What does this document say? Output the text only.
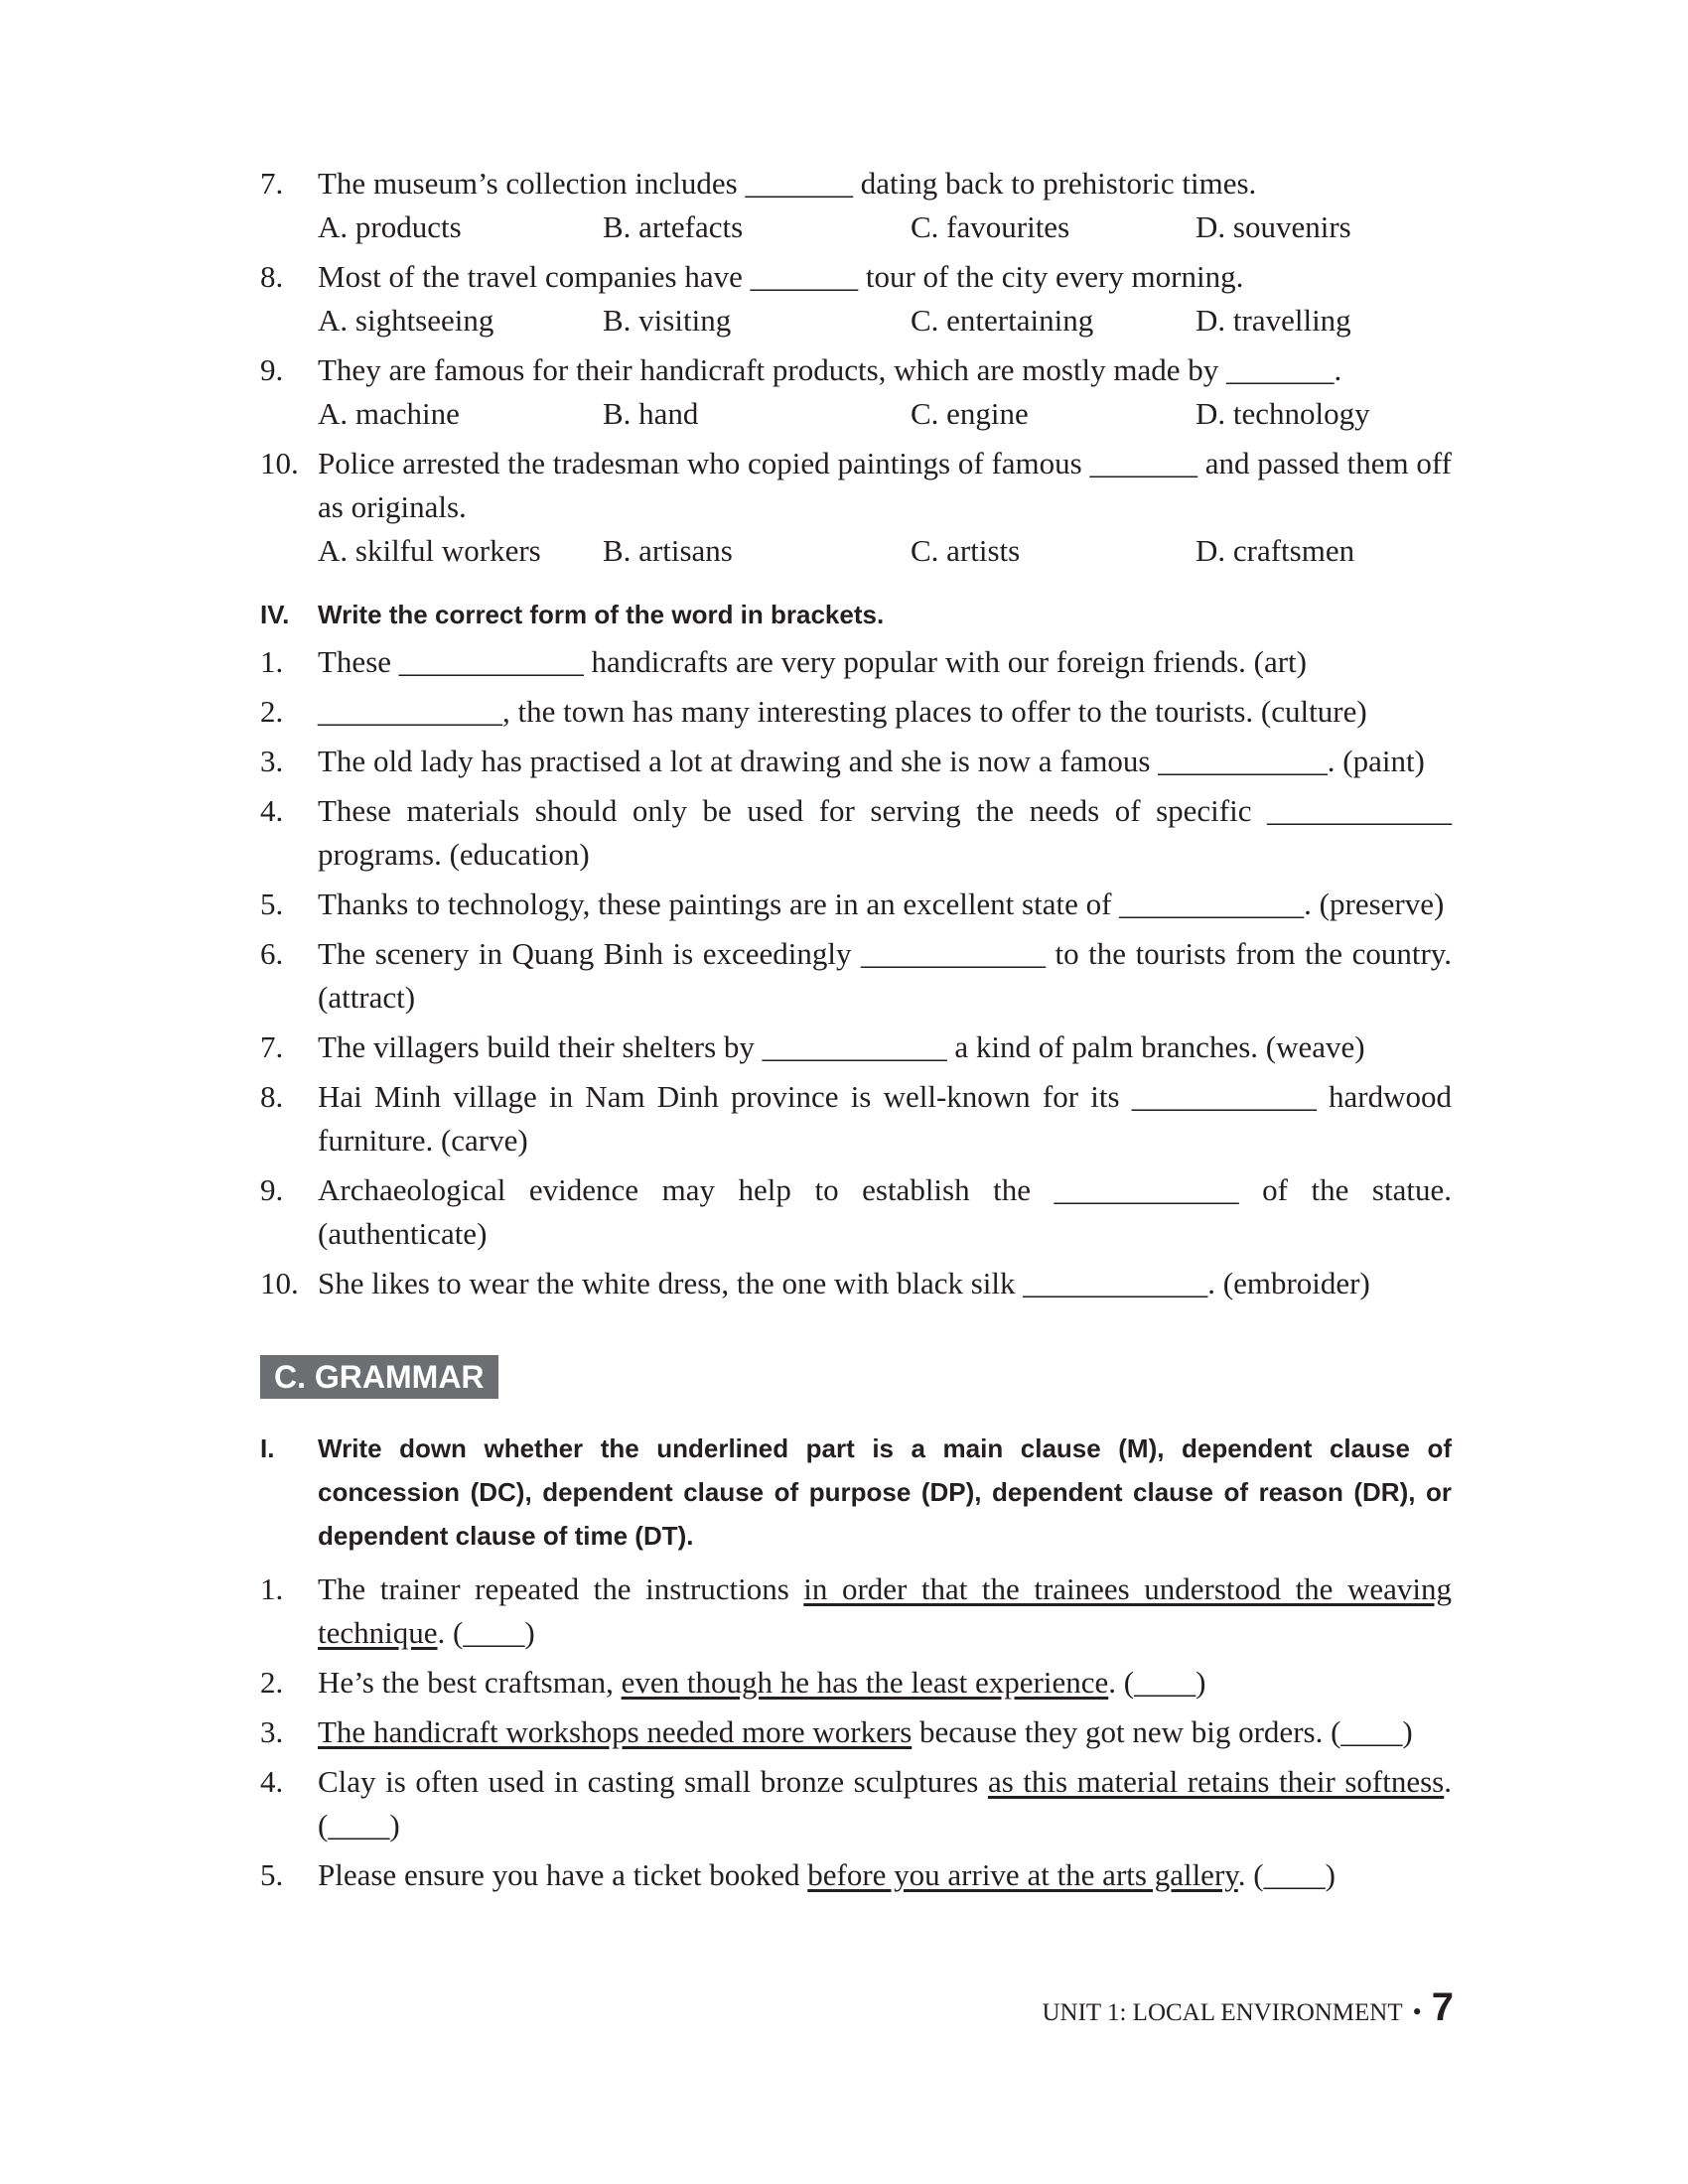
7.	The museum’s collection includes _______ dating back to prehistoric times.
A. products	B. artefacts	C. favourites	D. souvenirs
8.	Most of the travel companies have _______ tour of the city every morning.
A. sightseeing	B. visiting	C. entertaining	D. travelling
9.	They are famous for their handicraft products, which are mostly made by _______.
A. machine	B. hand	C. engine	D. technology
10. Police arrested the tradesman who copied paintings of famous _______ and passed them off as originals.
A. skilful workers	B. artisans	C. artists	D. craftsmen
IV.	Write the correct form of the word in brackets.
1.	These ____________ handicrafts are very popular with our foreign friends. (art)
2.	____________, the town has many interesting places to offer to the tourists. (culture)
3.	The old lady has practised a lot at drawing and she is now a famous ___________. (paint)
4.	These materials should only be used for serving the needs of specific ____________ programs. (education)
5.	Thanks to technology, these paintings are in an excellent state of ____________. (preserve)
6.	The scenery in Quang Binh is exceedingly ____________ to the tourists from the country. (attract)
7.	The villagers build their shelters by ____________ a kind of palm branches. (weave)
8.	Hai Minh village in Nam Dinh province is well-known for its ____________ hardwood furniture. (carve)
9.	Archaeological evidence may help to establish the ____________ of the statue. (authenticate)
10. She likes to wear the white dress, the one with black silk ____________. (embroider)
C. GRAMMAR
I.	Write down whether the underlined part is a main clause (M), dependent clause of concession (DC), dependent clause of purpose (DP), dependent clause of reason (DR), or dependent clause of time (DT).
1.	The trainer repeated the instructions in order that the trainees understood the weaving technique. (____)
2.	He’s the best craftsman, even though he has the least experience. (____)
3.	The handicraft workshops needed more workers because they got new big orders. (____)
4.	Clay is often used in casting small bronze sculptures as this material retains their softness. (____)
5.	Please ensure you have a ticket booked before you arrive at the arts gallery. (____)
UNIT 1: LOCAL ENVIRONMENT • 7
